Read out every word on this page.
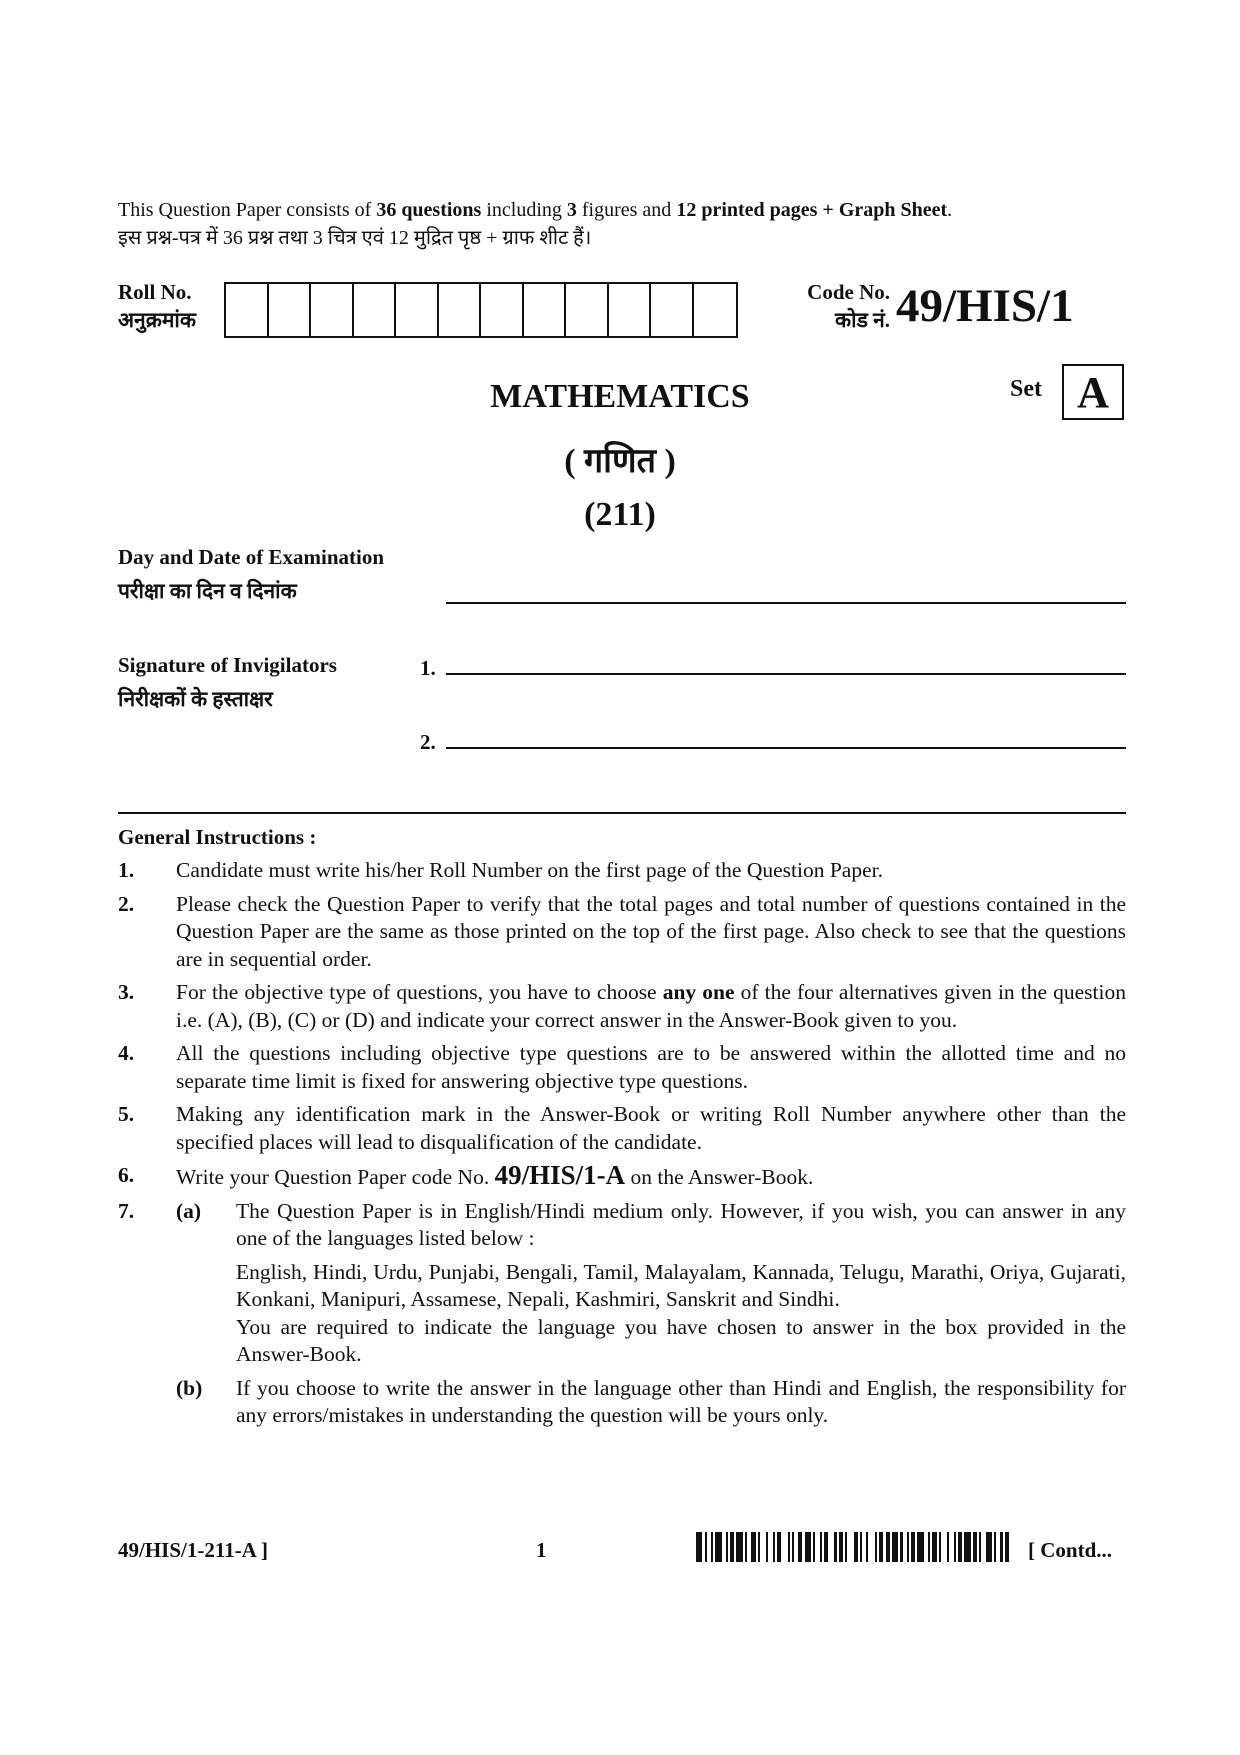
This Question Paper consists of 36 questions including 3 figures and 12 printed pages + Graph Sheet.
इस प्रश्न-पत्र में 36 प्रश्न तथा 3 चित्र एवं 12 मुद्रित पृष्ठ + ग्राफ शीट हैं।
Roll No.
अनुक्रमांक
Code No.
कोड नं. 49/HIS/1
Set A
MATHEMATICS
( गणित )
(211)
Day and Date of Examination
परीक्षा का दिन व दिनांक
Signature of Invigilators
निरीक्षकों के हस्ताक्षर
1.
2.
General Instructions :
1.	Candidate must write his/her Roll Number on the first page of the Question Paper.
2.	Please check the Question Paper to verify that the total pages and total number of questions contained in the Question Paper are the same as those printed on the top of the first page. Also check to see that the questions are in sequential order.
3.	For the objective type of questions, you have to choose any one of the four alternatives given in the question i.e. (A), (B), (C) or (D) and indicate your correct answer in the Answer-Book given to you.
4.	All the questions including objective type questions are to be answered within the allotted time and no separate time limit is fixed for answering objective type questions.
5.	Making any identification mark in the Answer-Book or writing Roll Number anywhere other than the specified places will lead to disqualification of the candidate.
6.	Write your Question Paper code No. 49/HIS/1-A on the Answer-Book.
7.	(a)	The Question Paper is in English/Hindi medium only. However, if you wish, you can answer in any one of the languages listed below :
English, Hindi, Urdu, Punjabi, Bengali, Tamil, Malayalam, Kannada, Telugu, Marathi, Oriya, Gujarati, Konkani, Manipuri, Assamese, Nepali, Kashmiri, Sanskrit and Sindhi.
You are required to indicate the language you have chosen to answer in the box provided in the Answer-Book.
(b)	If you choose to write the answer in the language other than Hindi and English, the responsibility for any errors/mistakes in understanding the question will be yours only.
49/HIS/1-211-A ]	1	[ Contd...
